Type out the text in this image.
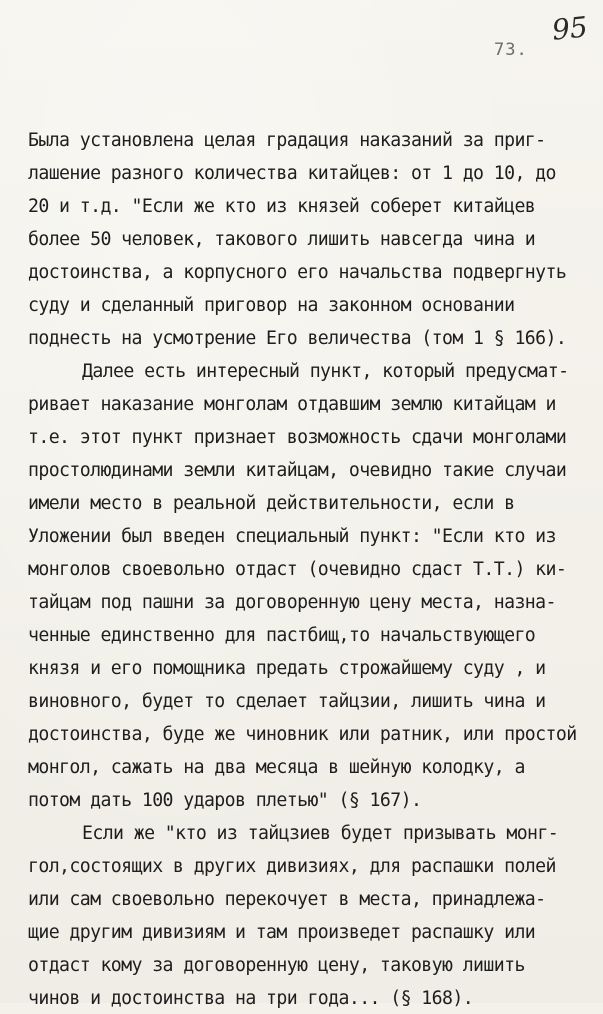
73.
95
Была установлена целая градация наказаний за приг-
лашение разного количества китайцев: от 1 до 10, до
20 и т.д. "Если же кто из князей соберет китайцев
более 50 человек, такового лишить навсегда чина и
достоинства, а корпусного его начальства подвергнуть
суду и сделанный приговор на законном основании
поднесть на усмотрение Его величества (том 1 § 166).
Далее есть интересный пункт, который предусмат-
ривает наказание монголам отдавшим землю китайцам и
т.е. этот пункт признает возможность сдачи монголами
простолюдинами земли китайцам, очевидно такие случаи
имели место в реальной действительности, если в
Уложении был введен специальный пункт: "Если кто из
монголов своевольно отдаст (очевидно сдаст Т.Т.) ки-
тайцам под пашни за договоренную цену места, назна-
ченные единственно для пастбищ,то начальствующего
князя и его помощника предать строжайшему суду , и
виновного, будет то сделает тайцзии, лишить чина и
достоинства, буде же чиновник или ратник, или простой
монгол, сажать на два месяца в шейную колодку, а
потом дать 100 ударов плетью" (§ 167).
Если же "кто из тайцзиев будет призывать монг-
гол,состоящих в других дивизиях, для распашки полей
или сам своевольно перекочует в места, принадлежа-
щие другим дивизиям и там произведет распашку или
отдаст кому за договоренную цену, таковую лишить
чинов и достоинства на три года... (§ 168).
